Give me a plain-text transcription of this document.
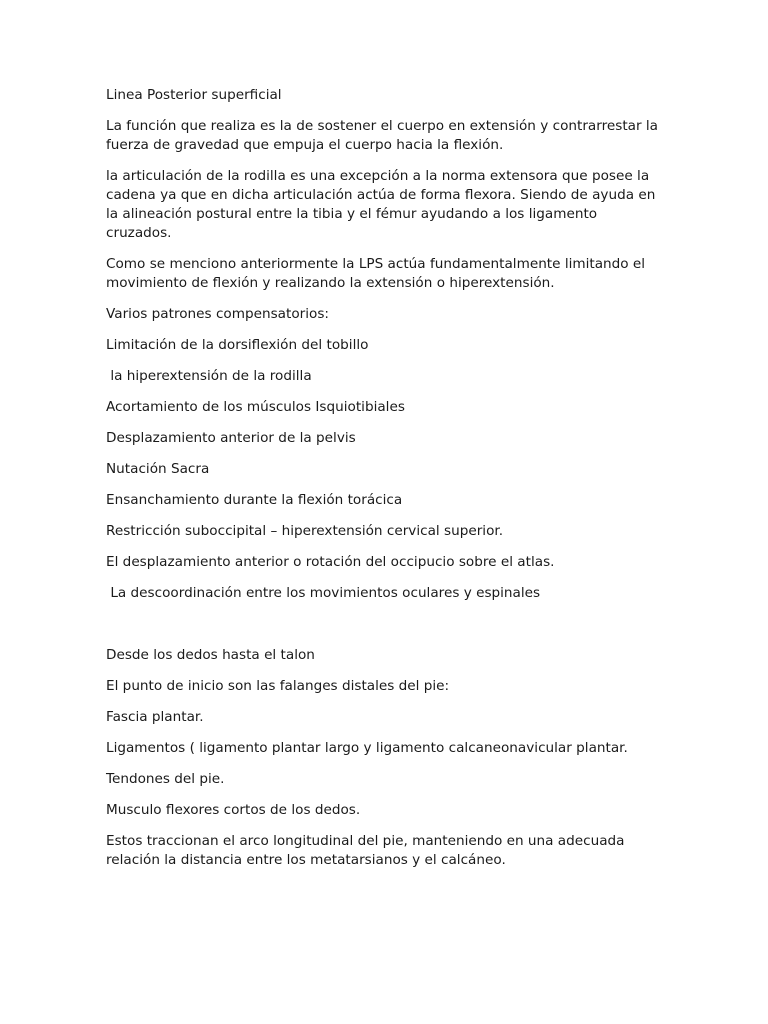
Linea Posterior superficial

La función que realiza es la de sostener el cuerpo en extensión y contrarrestar la fuerza de gravedad que empuja el cuerpo hacia la flexión.

la articulación de la rodilla es una excepción a la norma extensora que posee la cadena ya que en dicha articulación actúa de forma flexora. Siendo de ayuda en la alineación postural entre la tibia y el fémur ayudando a los ligamento cruzados.

Como se menciono anteriormente la LPS actúa fundamentalmente limitando el movimiento de flexión y realizando la extensión o hiperextensión.

Varios patrones compensatorios:

Limitación de la dorsiflexión del tobillo

la hiperextensión de la rodilla

Acortamiento de los músculos Isquiotibiales

Desplazamiento anterior de la pelvis

Nutación Sacra

Ensanchamiento durante la flexión torácica

Restricción suboccipital – hiperextensión cervical superior.

El desplazamiento anterior o rotación del occipucio sobre el atlas.

La descoordinación entre los movimientos oculares y espinales

Desde los dedos hasta el talon

El punto de inicio son las falanges distales del pie:

Fascia plantar.

Ligamentos ( ligamento plantar largo y ligamento calcaneonavicular plantar.

Tendones del pie.

Musculo flexores cortos de los dedos.

Estos traccionan el arco longitudinal del pie, manteniendo en una adecuada relación la distancia entre los metatarsianos y el calcáneo.
